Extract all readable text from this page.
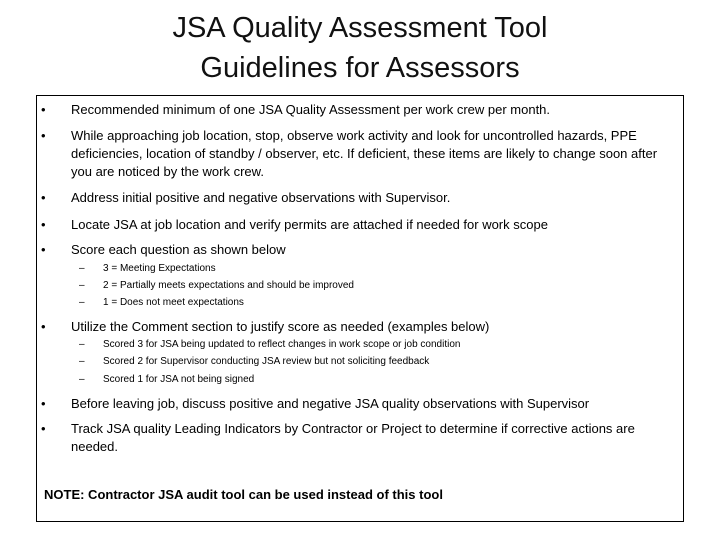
JSA Quality Assessment Tool
Guidelines for Assessors
• Recommended minimum of one JSA Quality Assessment per work crew per month.
• While approaching job location, stop, observe work activity and look for uncontrolled hazards, PPE deficiencies, location of standby / observer, etc. If deficient, these items are likely to change soon after you are noticed by the work crew.
• Address initial positive and negative observations with Supervisor.
• Locate JSA at job location and verify permits are attached if needed for work scope
• Score each question as shown below
– 3 = Meeting Expectations
– 2 = Partially meets expectations and should be improved
– 1 = Does not meet expectations
• Utilize the Comment section to justify score as needed (examples below)
– Scored 3 for JSA being updated to reflect changes in work scope or job condition
– Scored 2 for Supervisor conducting JSA review but not soliciting feedback
– Scored 1 for JSA not being signed
• Before leaving job, discuss positive and negative JSA quality observations with Supervisor
• Track JSA quality Leading Indicators by Contractor or Project to determine if corrective actions are needed.
NOTE: Contractor JSA audit tool can be used instead of this tool
